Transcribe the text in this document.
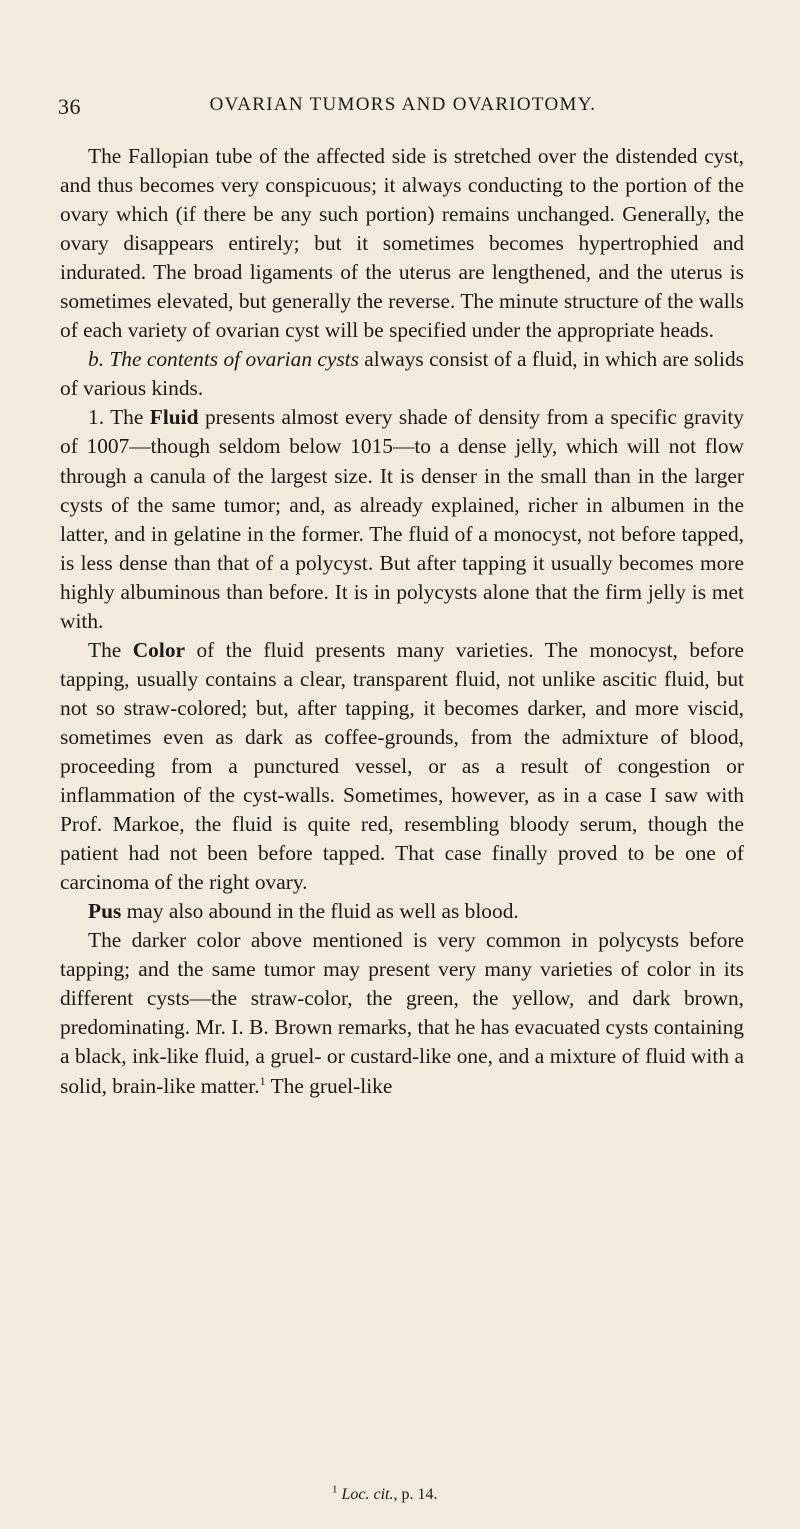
36	OVARIAN TUMORS AND OVARIOTOMY.

The Fallopian tube of the affected side is stretched over the distended cyst, and thus becomes very conspicuous; it always conducting to the portion of the ovary which (if there be any such portion) remains unchanged. Generally, the ovary disappears entirely; but it sometimes becomes hypertrophied and indurated. The broad ligaments of the uterus are lengthened, and the uterus is sometimes elevated, but generally the reverse. The minute structure of the walls of each variety of ovarian cyst will be specified under the appropriate heads.

b. The contents of ovarian cysts always consist of a fluid, in which are solids of various kinds.

1. The Fluid presents almost every shade of density from a specific gravity of 1007—though seldom below 1015—to a dense jelly, which will not flow through a canula of the largest size. It is denser in the small than in the larger cysts of the same tumor; and, as already explained, richer in albumen in the latter, and in gelatine in the former. The fluid of a monocyst, not before tapped, is less dense than that of a polycyst. But after tapping it usually becomes more highly albuminous than before. It is in polycysts alone that the firm jelly is met with.

The Color of the fluid presents many varieties. The monocyst, before tapping, usually contains a clear, transparent fluid, not unlike ascitic fluid, but not so straw-colored; but, after tapping, it becomes darker, and more viscid, sometimes even as dark as coffee-grounds, from the admixture of blood, proceeding from a punctured vessel, or as a result of congestion or inflammation of the cyst-walls. Sometimes, however, as in a case I saw with Prof. Markoe, the fluid is quite red, resembling bloody serum, though the patient had not been before tapped. That case finally proved to be one of carcinoma of the right ovary.

Pus may also abound in the fluid as well as blood.

The darker color above mentioned is very common in polycysts before tapping; and the same tumor may present very many varieties of color in its different cysts—the straw-color, the green, the yellow, and dark brown, predominating. Mr. I. B. Brown remarks, that he has evacuated cysts containing a black, ink-like fluid, a gruel- or custard-like one, and a mixture of fluid with a solid, brain-like matter.$^1$ The gruel-like

$^1$ Loc. cit., p. 14.
